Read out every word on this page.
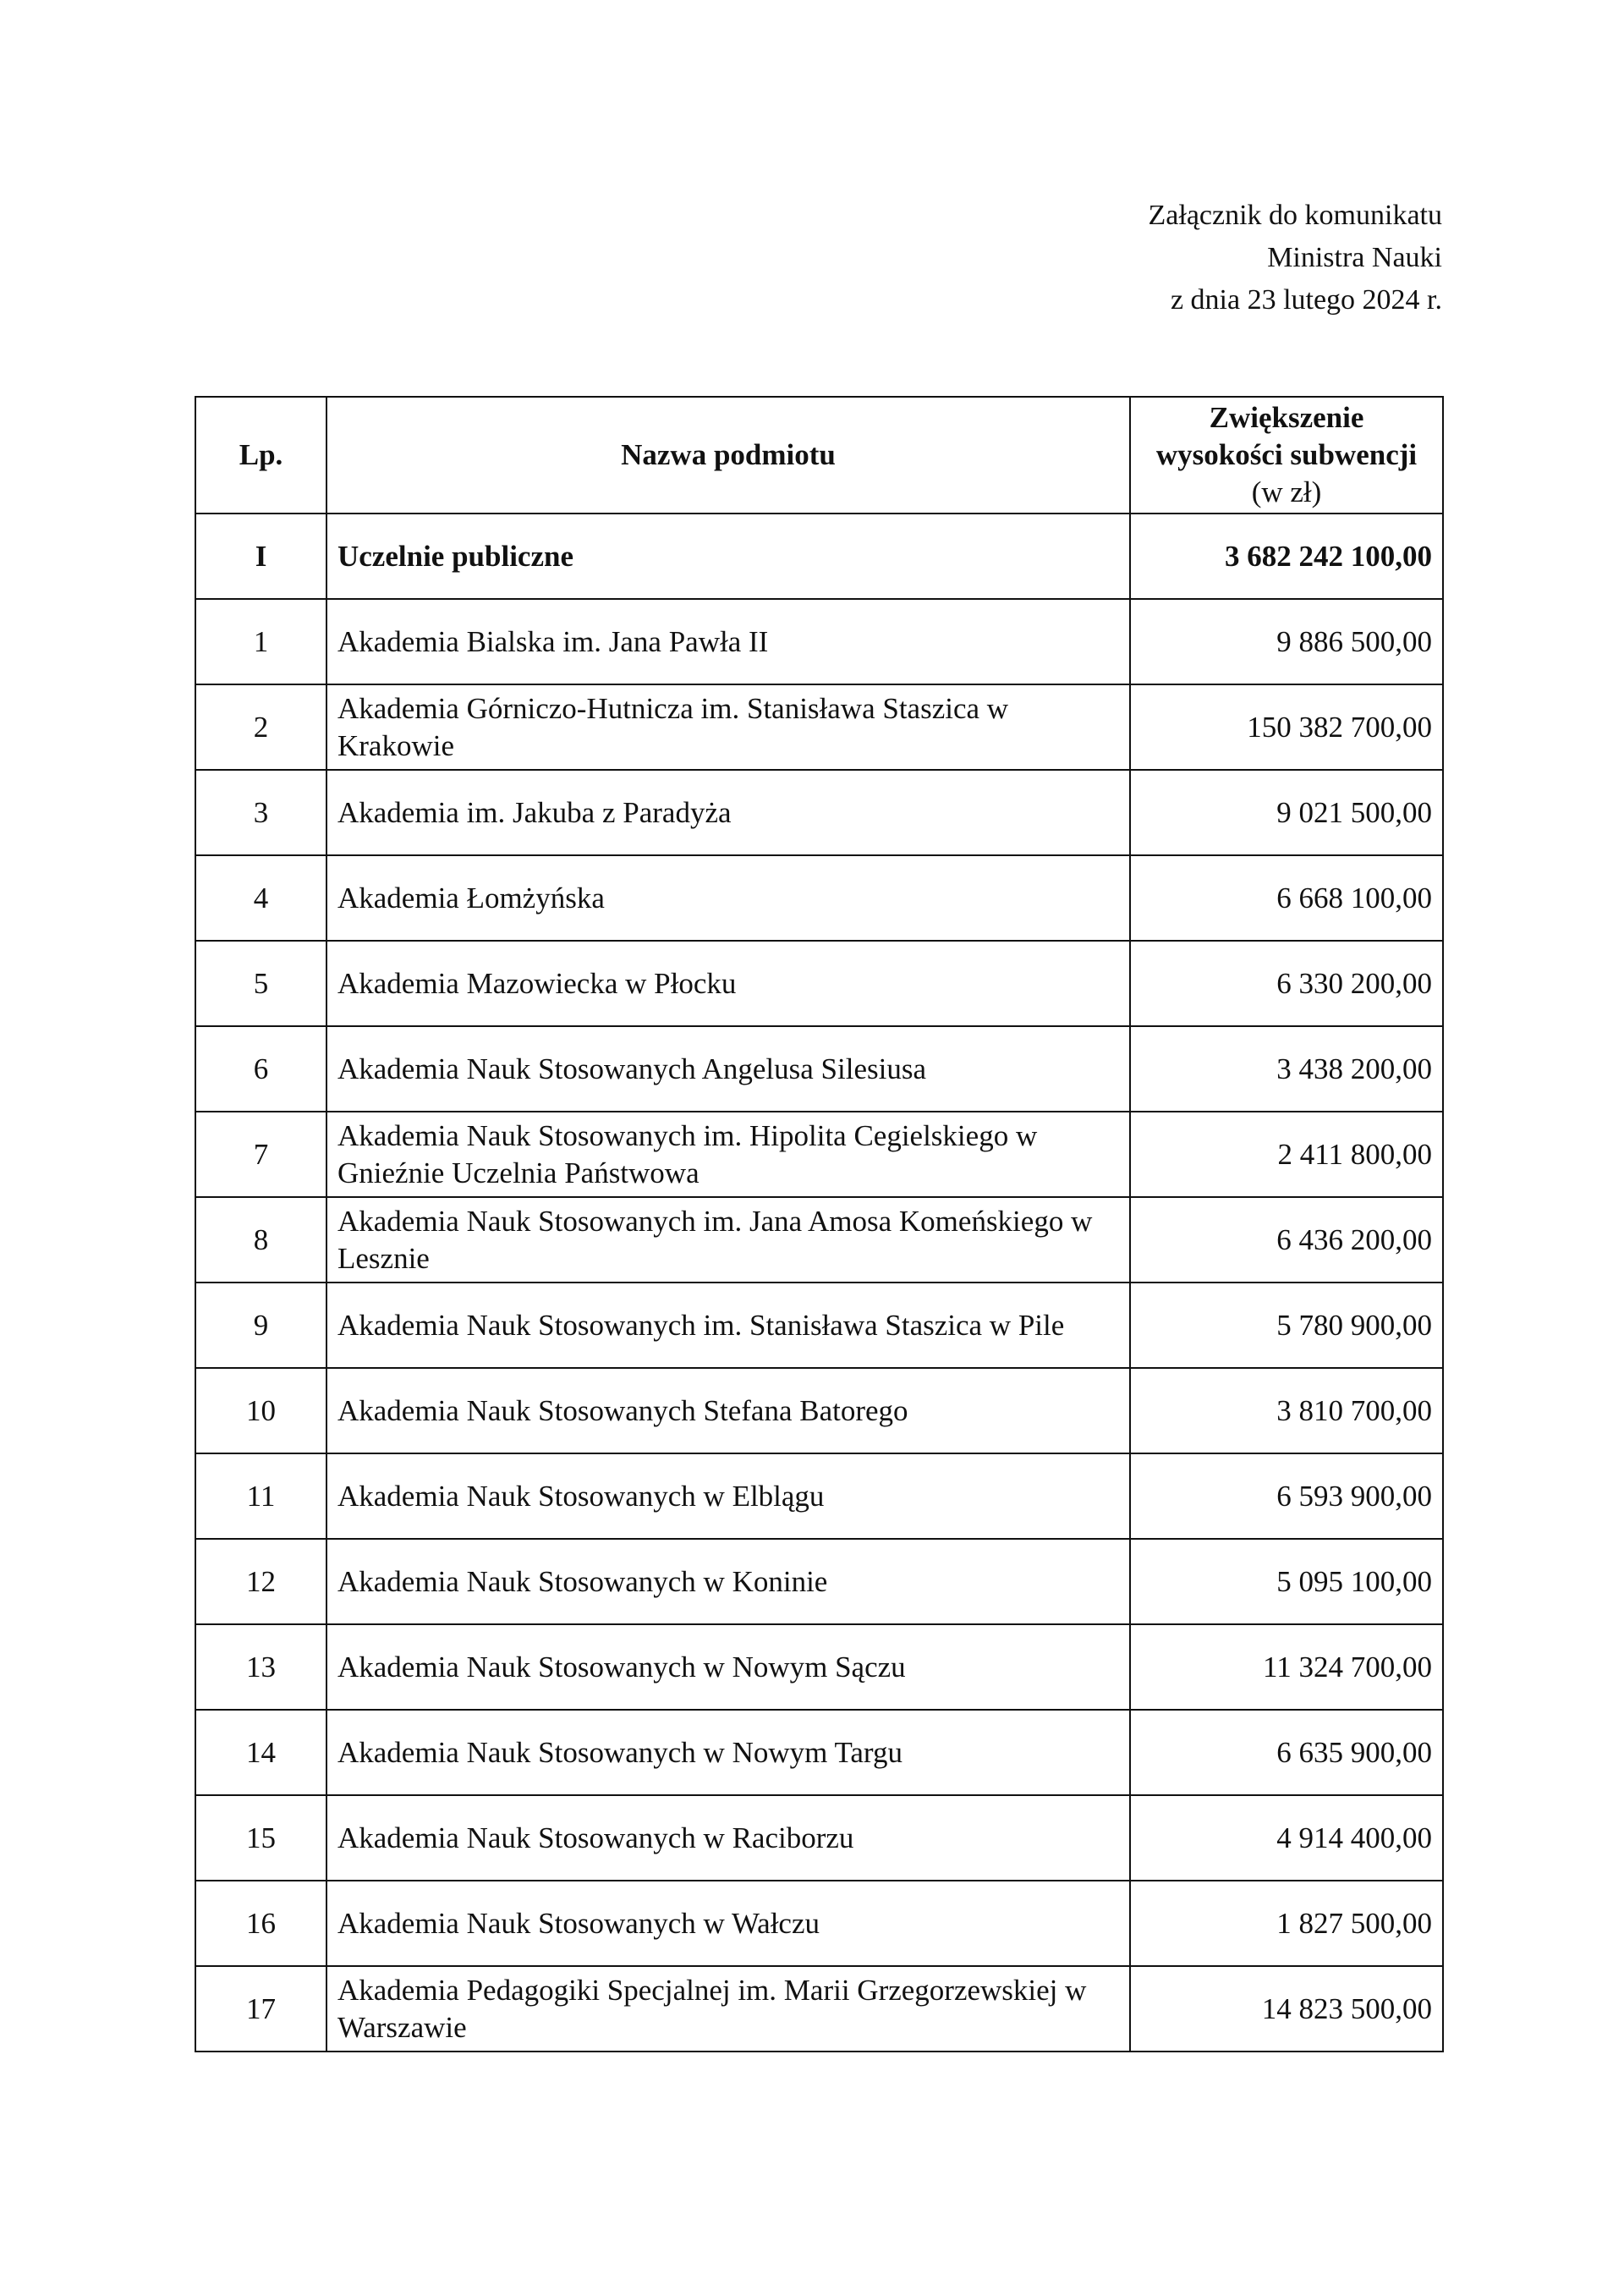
Załącznik do komunikatu
Ministra Nauki
z dnia 23 lutego 2024 r.
Lp.	Nazwa podmiotu	Zwiększenie
wysokości subwencji
(w zł)

I	Uczelnie publiczne	3 682 242 100,00
1	Akademia Bialska im. Jana Pawła II	9 886 500,00
2	Akademia Górniczo-Hutnicza im. Stanisława Staszica w Krakowie	150 382 700,00
3	Akademia im. Jakuba z Paradyża	9 021 500,00
4	Akademia Łomżyńska	6 668 100,00
5	Akademia Mazowiecka w Płocku	6 330 200,00
6	Akademia Nauk Stosowanych Angelusa Silesiusa	3 438 200,00
7	Akademia Nauk Stosowanych im. Hipolita Cegielskiego w Gnieźnie Uczelnia Państwowa	2 411 800,00
8	Akademia Nauk Stosowanych im. Jana Amosa Komeńskiego w Lesznie	6 436 200,00
9	Akademia Nauk Stosowanych im. Stanisława Staszica w Pile	5 780 900,00
10	Akademia Nauk Stosowanych Stefana Batorego	3 810 700,00
11	Akademia Nauk Stosowanych w Elblągu	6 593 900,00
12	Akademia Nauk Stosowanych w Koninie	5 095 100,00
13	Akademia Nauk Stosowanych w Nowym Sączu	11 324 700,00
14	Akademia Nauk Stosowanych w Nowym Targu	6 635 900,00
15	Akademia Nauk Stosowanych w Raciborzu	4 914 400,00
16	Akademia Nauk Stosowanych w Wałczu	1 827 500,00
17	Akademia Pedagogiki Specjalnej im. Marii Grzegorzewskiej w Warszawie	14 823 500,00
